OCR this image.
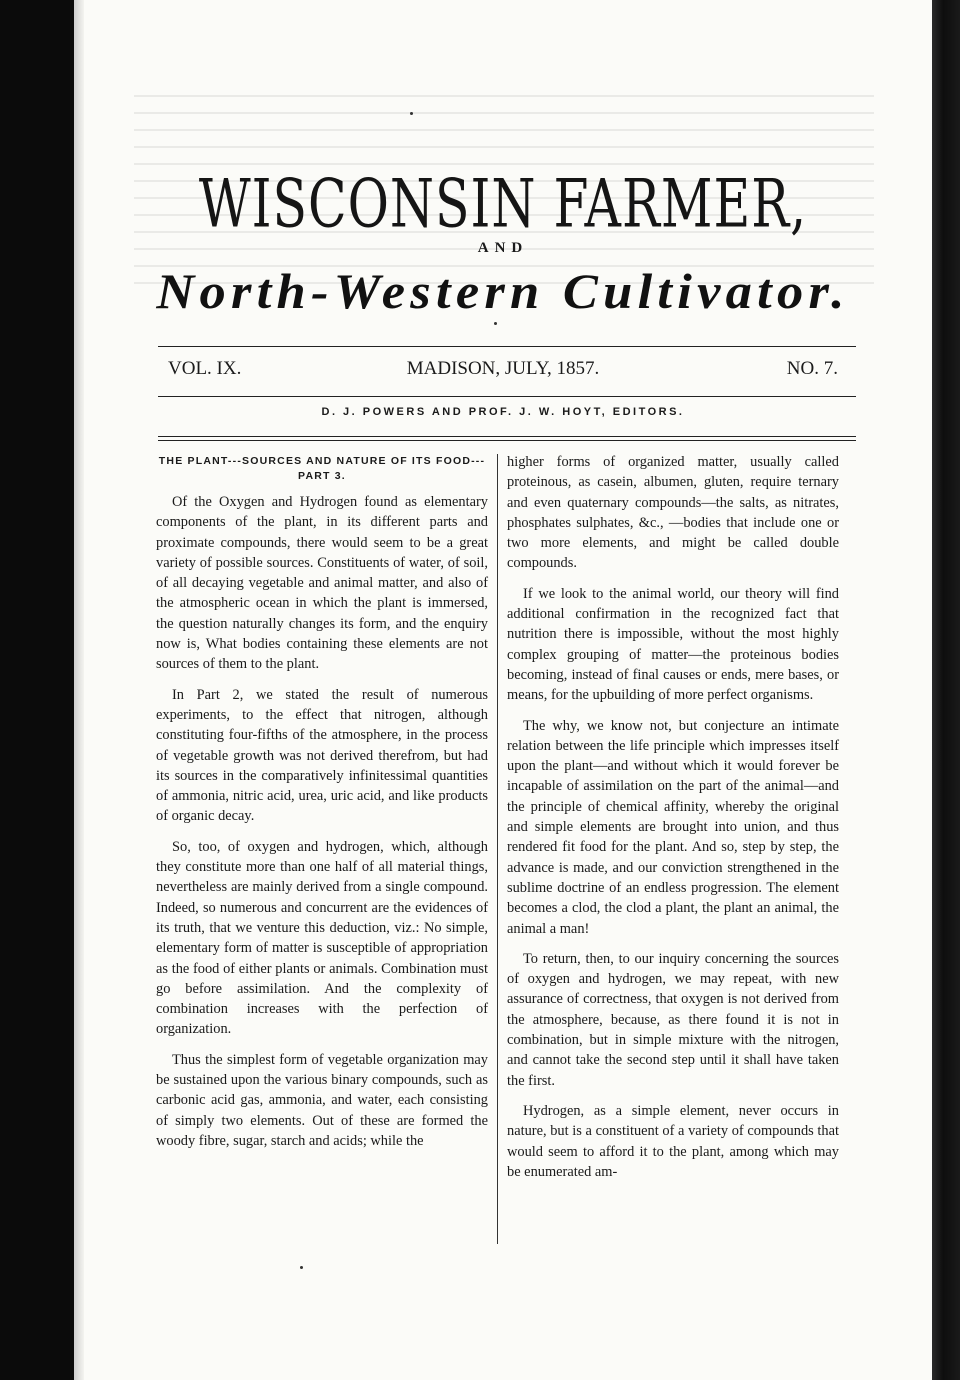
WISCONSIN FARMER,
AND
North-Western Cultivator.
VOL. IX.	MADISON, JULY, 1857.	NO. 7.
D. J. POWERS AND PROF. J. W. HOYT, EDITORS.
THE PLANT---SOURCES AND NATURE OF ITS FOOD---PART 3.

Of the Oxygen and Hydrogen found as elementary components of the plant, in its different parts and proximate compounds, there would seem to be a great variety of possible sources. Constituents of water, of soil, of all decaying vegetable and animal matter, and also of the atmospheric ocean in which the plant is immersed, the question naturally changes its form, and the enquiry now is, What bodies containing these elements are not sources of them to the plant.

In Part 2, we stated the result of numerous experiments, to the effect that nitrogen, although constituting four-fifths of the atmosphere, in the process of vegetable growth was not derived therefrom, but had its sources in the comparatively infinitessimal quantities of ammonia, nitric acid, urea, uric acid, and like products of organic decay.

So, too, of oxygen and hydrogen, which, although they constitute more than one half of all material things, nevertheless are mainly derived from a single compound. Indeed, so numerous and concurrent are the evidences of its truth, that we venture this deduction, viz.: No simple, elementary form of matter is susceptible of appropriation as the food of either plants or animals. Combination must go before assimilation. And the complexity of combination increases with the perfection of organization.

Thus the simplest form of vegetable organization may be sustained upon the various binary compounds, such as carbonic acid gas, ammonia, and water, each consisting of simply two elements. Out of these are formed the woody fibre, sugar, starch and acids; while the

higher forms of organized matter, usually called proteinous, as casein, albumen, gluten, require ternary and even quaternary compounds—the salts, as nitrates, phosphates sulphates, &c., —bodies that include one or two more elements, and might be called double compounds.

If we look to the animal world, our theory will find additional confirmation in the recognized fact that nutrition there is impossible, without the most highly complex grouping of matter—the proteinous bodies becoming, instead of final causes or ends, mere bases, or means, for the upbuilding of more perfect organisms.

The why, we know not, but conjecture an intimate relation between the life principle which impresses itself upon the plant—and without which it would forever be incapable of assimilation on the part of the animal—and the principle of chemical affinity, whereby the original and simple elements are brought into union, and thus rendered fit food for the plant. And so, step by step, the advance is made, and our conviction strengthened in the sublime doctrine of an endless progression. The element becomes a clod, the clod a plant, the plant an animal, the animal a man!

To return, then, to our inquiry concerning the sources of oxygen and hydrogen, we may repeat, with new assurance of correctness, that oxygen is not derived from the atmosphere, because, as there found it is not in combination, but in simple mixture with the nitrogen, and cannot take the second step until it shall have taken the first.

Hydrogen, as a simple element, never occurs in nature, but is a constituent of a variety of compounds that would seem to afford it to the plant, among which may be enumerated am-
